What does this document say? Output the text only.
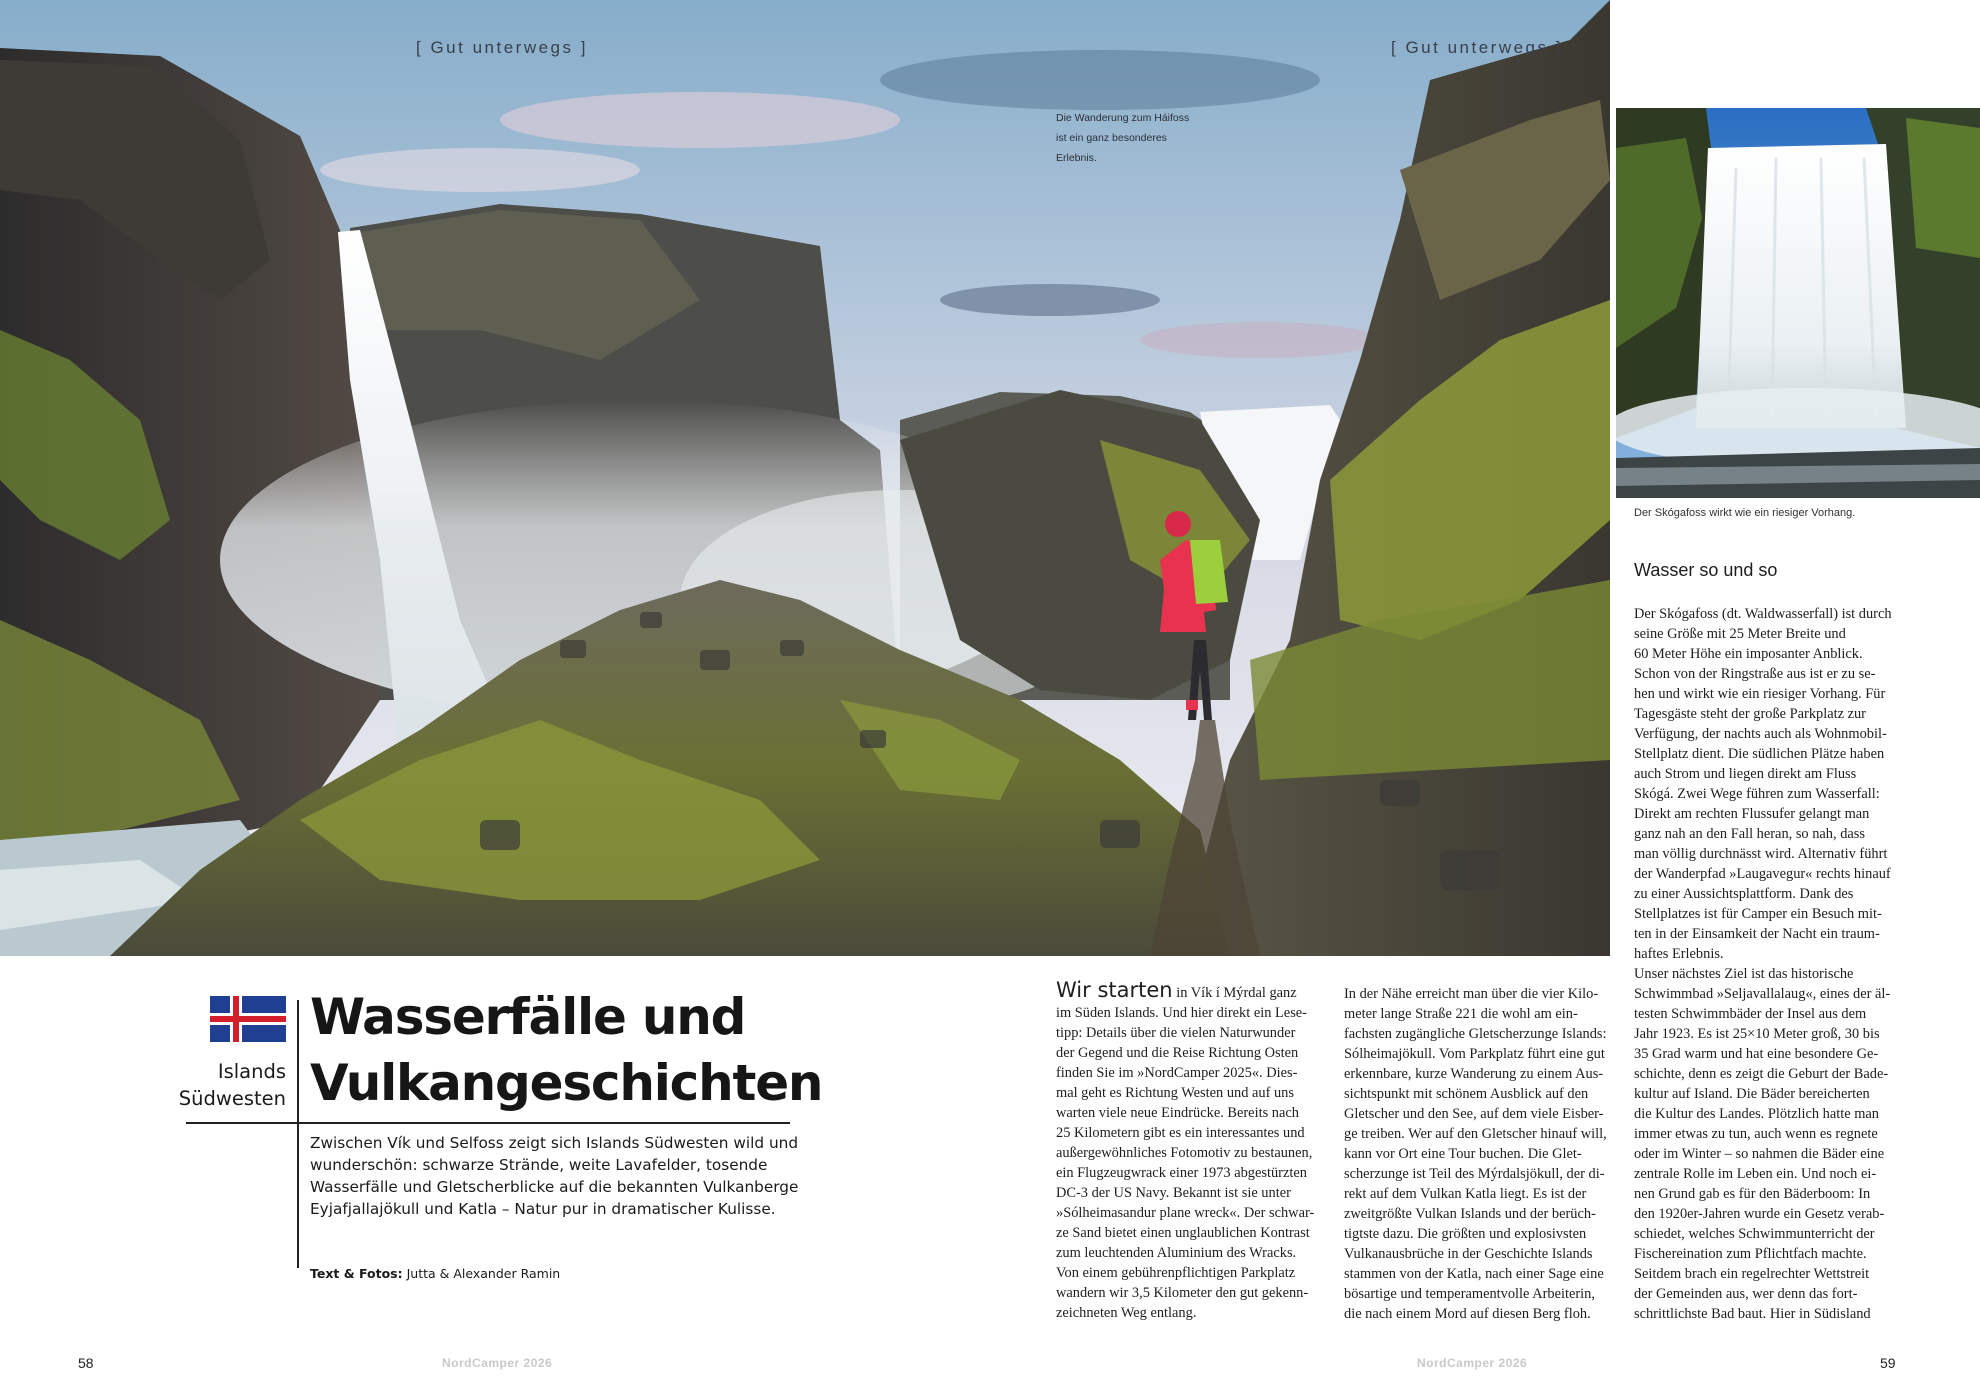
[ Gut unterwegs ]	[ Gut unterwegs ]
Die Wanderung zum Háifoss ist ein ganz besonderes Erlebnis.
Der Skógafoss wirkt wie ein riesiger Vorhang.
Wasser so und so
Der Skógafoss (dt. Waldwasserfall) ist durch
seine Größe mit 25 Meter Breite und
60 Meter Höhe ein imposanter Anblick.
Schon von der Ringstraße aus ist er zu se-
hen und wirkt wie ein riesiger Vorhang. Für
Tagesgäste steht der große Parkplatz zur
Verfügung, der nachts auch als Wohnmobil-
Stellplatz dient. Die südlichen Plätze haben
auch Strom und liegen direkt am Fluss
Skógá. Zwei Wege führen zum Wasserfall:
Direkt am rechten Flussufer gelangt man
ganz nah an den Fall heran, so nah, dass
man völlig durchnässt wird. Alternativ führt
der Wanderpfad »Laugavegur« rechts hinauf
zu einer Aussichtsplattform. Dank des
Stellplatzes ist für Camper ein Besuch mit-
ten in der Einsamkeit der Nacht ein traum-
haftes Erlebnis.
Unser nächstes Ziel ist das historische
Schwimmbad »Seljavallalaug«, eines der äl-
testen Schwimmbäder der Insel aus dem
Jahr 1923. Es ist 25×10 Meter groß, 30 bis
35 Grad warm und hat eine besondere Ge-
schichte, denn es zeigt die Geburt der Bade-
kultur auf Island. Die Bäder bereicherten
die Kultur des Landes. Plötzlich hatte man
immer etwas zu tun, auch wenn es regnete
oder im Winter – so nahmen die Bäder eine
zentrale Rolle im Leben ein. Und noch ei-
nen Grund gab es für den Bäderboom: In
den 1920er-Jahren wurde ein Gesetz verab-
schiedet, welches Schwimmunterricht der
Fischereination zum Pflichtfach machte.
Seitdem brach ein regelrechter Wettstreit
der Gemeinden aus, wer denn das fort-
schrittlichste Bad baut. Hier in Südisland
Islands
Südwesten
Wasserfälle und
Vulkangeschichten
Zwischen Vík und Selfoss zeigt sich Islands Südwesten wild und wunderschön: schwarze Strände, weite Lavafelder, tosende Wasserfälle und Gletscherblicke auf die bekannten Vulkanberge Eyjafjallajökull und Katla – Natur pur in dramatischer Kulisse.
Text & Fotos: Jutta & Alexander Ramin
Wir starten in Vík í Mýrdal ganz
im Süden Islands. Und hier direkt ein Lese-
tipp: Details über die vielen Naturwunder
der Gegend und die Reise Richtung Osten
finden Sie im »NordCamper 2025«. Dies-
mal geht es Richtung Westen und auf uns
warten viele neue Eindrücke. Bereits nach
25 Kilometern gibt es ein interessantes und
außergewöhnliches Fotomotiv zu bestaunen,
ein Flugzeugwrack einer 1973 abgestürzten
DC-3 der US Navy. Bekannt ist sie unter
»Sólheimasandur plane wreck«. Der schwar-
ze Sand bietet einen unglaublichen Kontrast
zum leuchtenden Aluminium des Wracks.
Von einem gebührenpflichtigen Parkplatz
wandern wir 3,5 Kilometer den gut gekenn-
zeichneten Weg entlang.
In der Nähe erreicht man über die vier Kilo-
meter lange Straße 221 die wohl am ein-
fachsten zugängliche Gletscherzunge Islands:
Sólheimajökull. Vom Parkplatz führt eine gut
erkennbare, kurze Wanderung zu einem Aus-
sichtspunkt mit schönem Ausblick auf den
Gletscher und den See, auf dem viele Eisber-
ge treiben. Wer auf den Gletscher hinauf will,
kann vor Ort eine Tour buchen. Die Glet-
scherzunge ist Teil des Mýrdalsjökull, der di-
rekt auf dem Vulkan Katla liegt. Es ist der
zweitgrößte Vulkan Islands und der berüch-
tigtste dazu. Die größten und explosivsten
Vulkanausbrüche in der Geschichte Islands
stammen von der Katla, nach einer Sage eine
bösartige und temperamentvolle Arbeiterin,
die nach einem Mord auf diesen Berg floh.
58	NordCamper 2026	NordCamper 2026	59
